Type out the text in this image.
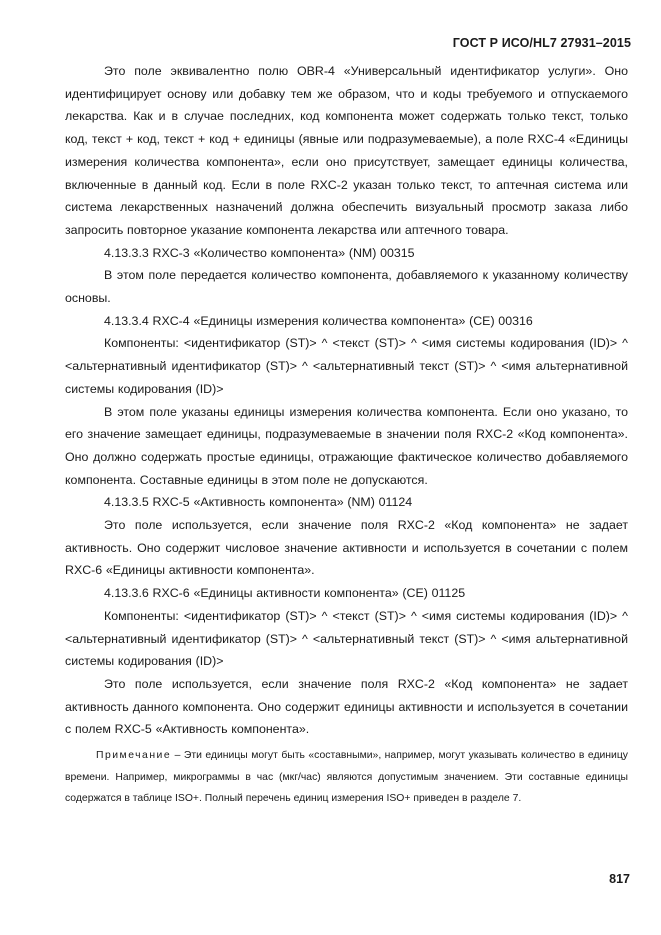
ГОСТ Р ИСО/HL7 27931–2015

Это поле эквивалентно полю OBR-4 «Универсальный идентификатор услуги». Оно идентифицирует основу или добавку тем же образом, что и коды требуемого и отпускаемого лекарства. Как и в случае последних, код компонента может содержать только текст, только код, текст + код, текст + код + единицы (явные или подразумеваемые), а поле RXC-4 «Единицы измерения количества компонента», если оно присутствует, замещает единицы количества, включенные в данный код. Если в поле RXC-2 указан только текст, то аптечная система или система лекарственных назначений должна обеспечить визуальный просмотр заказа либо запросить повторное указание компонента лекарства или аптечного товара.

4.13.3.3 RXC-3 «Количество компонента» (NM) 00315

В этом поле передается количество компонента, добавляемого к указанному количеству основы.

4.13.3.4 RXC-4 «Единицы измерения количества компонента» (CE) 00316

Компоненты: <идентификатор (ST)> ^ <текст (ST)> ^ <имя системы кодирования (ID)> ^ <альтернативный идентификатор (ST)> ^ <альтернативный текст (ST)> ^ <имя альтернативной системы кодирования (ID)>

В этом поле указаны единицы измерения количества компонента. Если оно указано, то его значение замещает единицы, подразумеваемые в значении поля RXC-2 «Код компонента». Оно должно содержать простые единицы, отражающие фактическое количество добавляемого компонента. Составные единицы в этом поле не допускаются.

4.13.3.5 RXC-5 «Активность компонента» (NM) 01124

Это поле используется, если значение поля RXC-2 «Код компонента» не задает активность. Оно содержит числовое значение активности и используется в сочетании с полем RXC-6 «Единицы активности компонента».

4.13.3.6 RXC-6 «Единицы активности компонента» (CE) 01125

Компоненты: <идентификатор (ST)> ^ <текст (ST)> ^ <имя системы кодирования (ID)> ^ <альтернативный идентификатор (ST)> ^ <альтернативный текст (ST)> ^ <имя альтернативной системы кодирования (ID)>

Это поле используется, если значение поля RXC-2 «Код компонента» не задает активность данного компонента. Оно содержит единицы активности и используется в сочетании с полем RXC-5 «Активность компонента».

Примечание – Эти единицы могут быть «составными», например, могут указывать количество в единицу времени. Например, микрограммы в час (мкг/час) являются допустимым значением. Эти составные единицы содержатся в таблице ISO+. Полный перечень единиц измерения ISO+ приведен в разделе 7.

817
